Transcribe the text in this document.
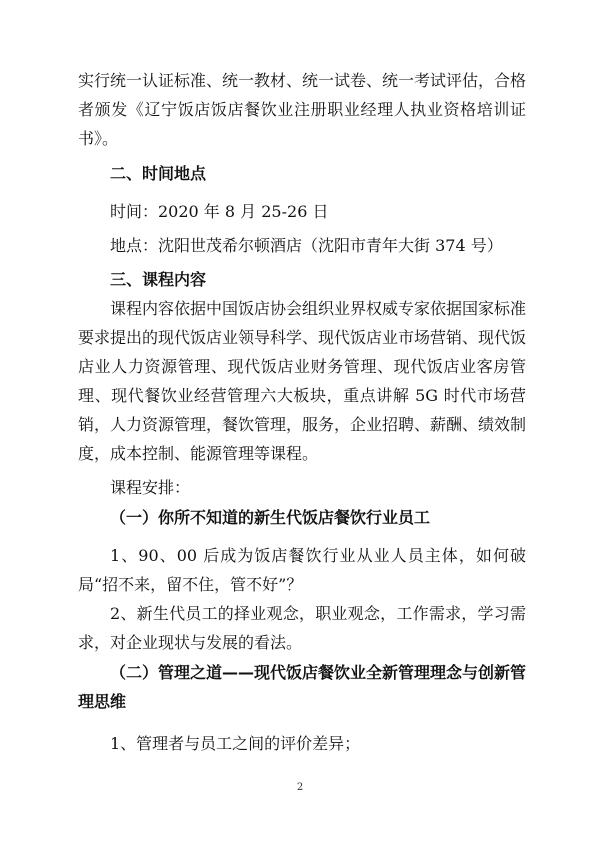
实行统一认证标准、统一教材、统一试卷、统一考试评估，合格者颁发《辽宁饭店饭店餐饮业注册职业经理人执业资格培训证书》。
二、时间地点
时间：2020 年 8 月 25-26 日
地点：沈阳世茂希尔顿酒店（沈阳市青年大街 374 号）
三、课程内容
课程内容依据中国饭店协会组织业界权威专家依据国家标准要求提出的现代饭店业领导科学、现代饭店业市场营销、现代饭店业人力资源管理、现代饭店业财务管理、现代饭店业客房管理、现代餐饮业经营管理六大板块，重点讲解 5G 时代市场营销，人力资源管理，餐饮管理，服务，企业招聘、薪酬、绩效制度，成本控制、能源管理等课程。
课程安排：
（一）你所不知道的新生代饭店餐饮行业员工
1、90、00 后成为饭店餐饮行业从业人员主体，如何破局“招不来，留不住，管不好”？
2、新生代员工的择业观念，职业观念，工作需求，学习需求，对企业现状与发展的看法。
（二）管理之道——现代饭店餐饮业全新管理理念与创新管理思维
1、管理者与员工之间的评价差异；
2
